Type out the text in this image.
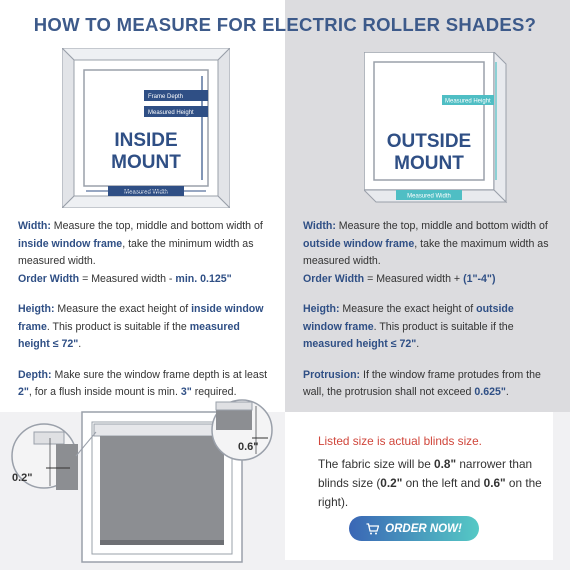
HOW TO MEASURE FOR ELECTRIC ROLLER SHADES?
Frame Depth
Measured Height
INSIDE
MOUNT
Measured Width
Measured Height
OUTSIDE
MOUNT
Measured Width
Width: Measure the top, middle and bottom width of inside window frame, take the minimum width as measured width.
Order Width = Measured width - min. 0.125"
Heigth: Measure the exact height of inside window frame. This product is suitable if the measured height ≤ 72".
Depth: Make sure the window frame depth is at least 2", for a flush inside mount is min. 3" required.
Width: Measure the top, middle and bottom width of outside window frame, take the maximum width as measured width.
Order Width = Measured width + (1"-4")
Heigth: Measure the exact height of outside window frame. This product is suitable if the measured height ≤ 72".
Protrusion: If the window frame protudes from the wall, the protrusion shall not exceed 0.625".
0.2"
0.6"	Listed size is actual blinds size.
The fabric size will be 0.8" narrower than blinds size (0.2" on the left and 0.6" on the right).
ORDER NOW!
